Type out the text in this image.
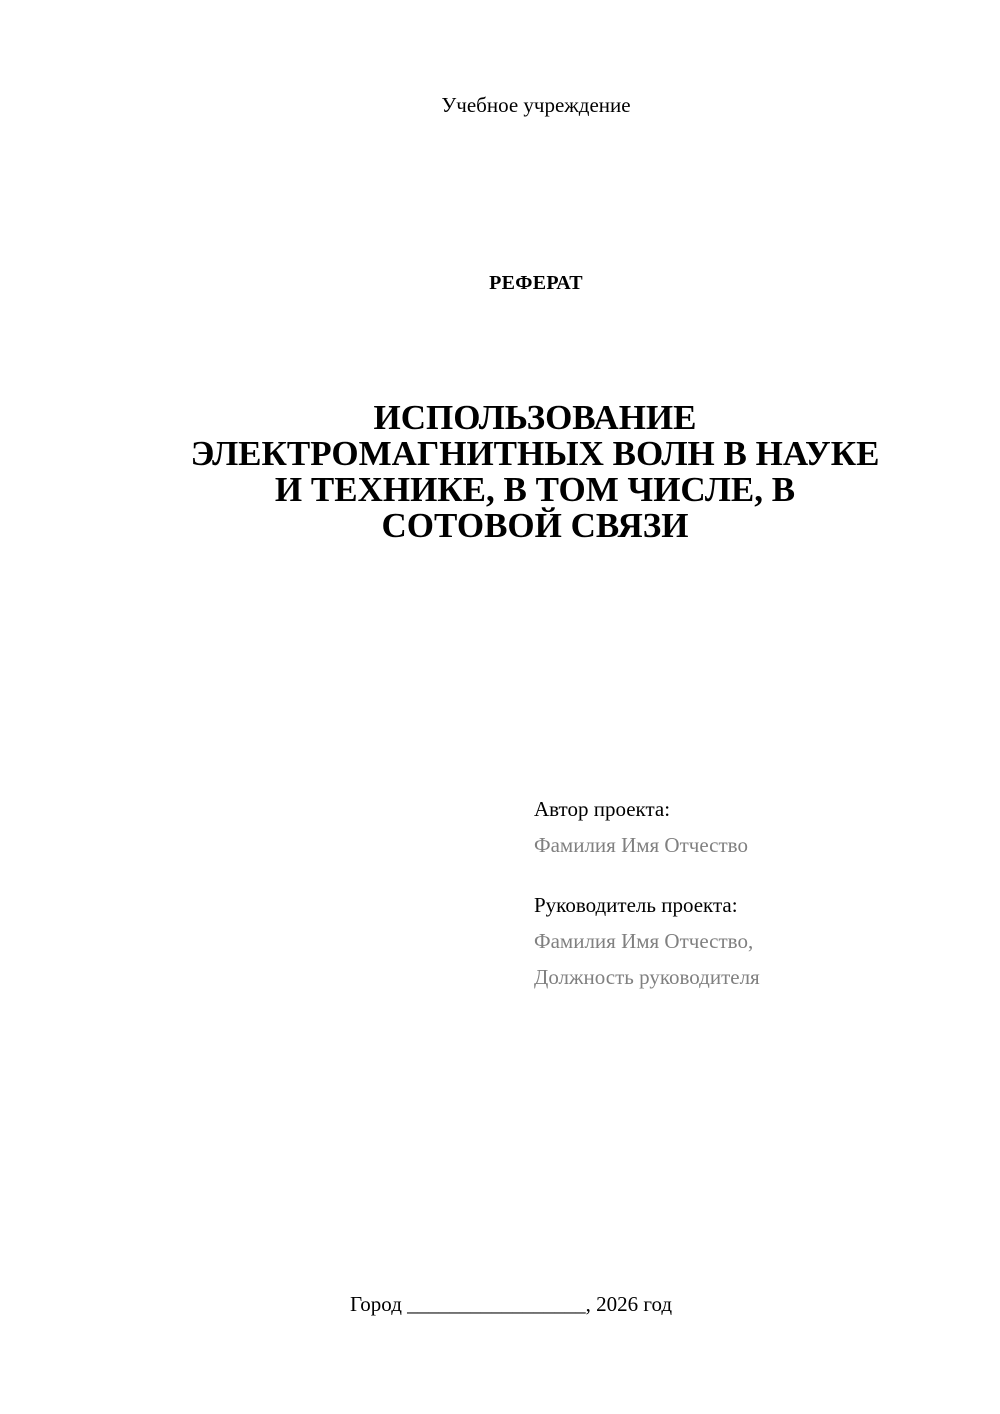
Учебное учреждение
РЕФЕРАТ
ИСПОЛЬЗОВАНИЕ
ЭЛЕКТРОМАГНИТНЫХ ВОЛН В НАУКЕ
И ТЕХНИКЕ, В ТОМ ЧИСЛЕ, В
СОТОВОЙ СВЯЗИ
Автор проекта:
Фамилия Имя Отчество
Руководитель проекта:
Фамилия Имя Отчество,
Должность руководителя
Город _________________, 2026 год
